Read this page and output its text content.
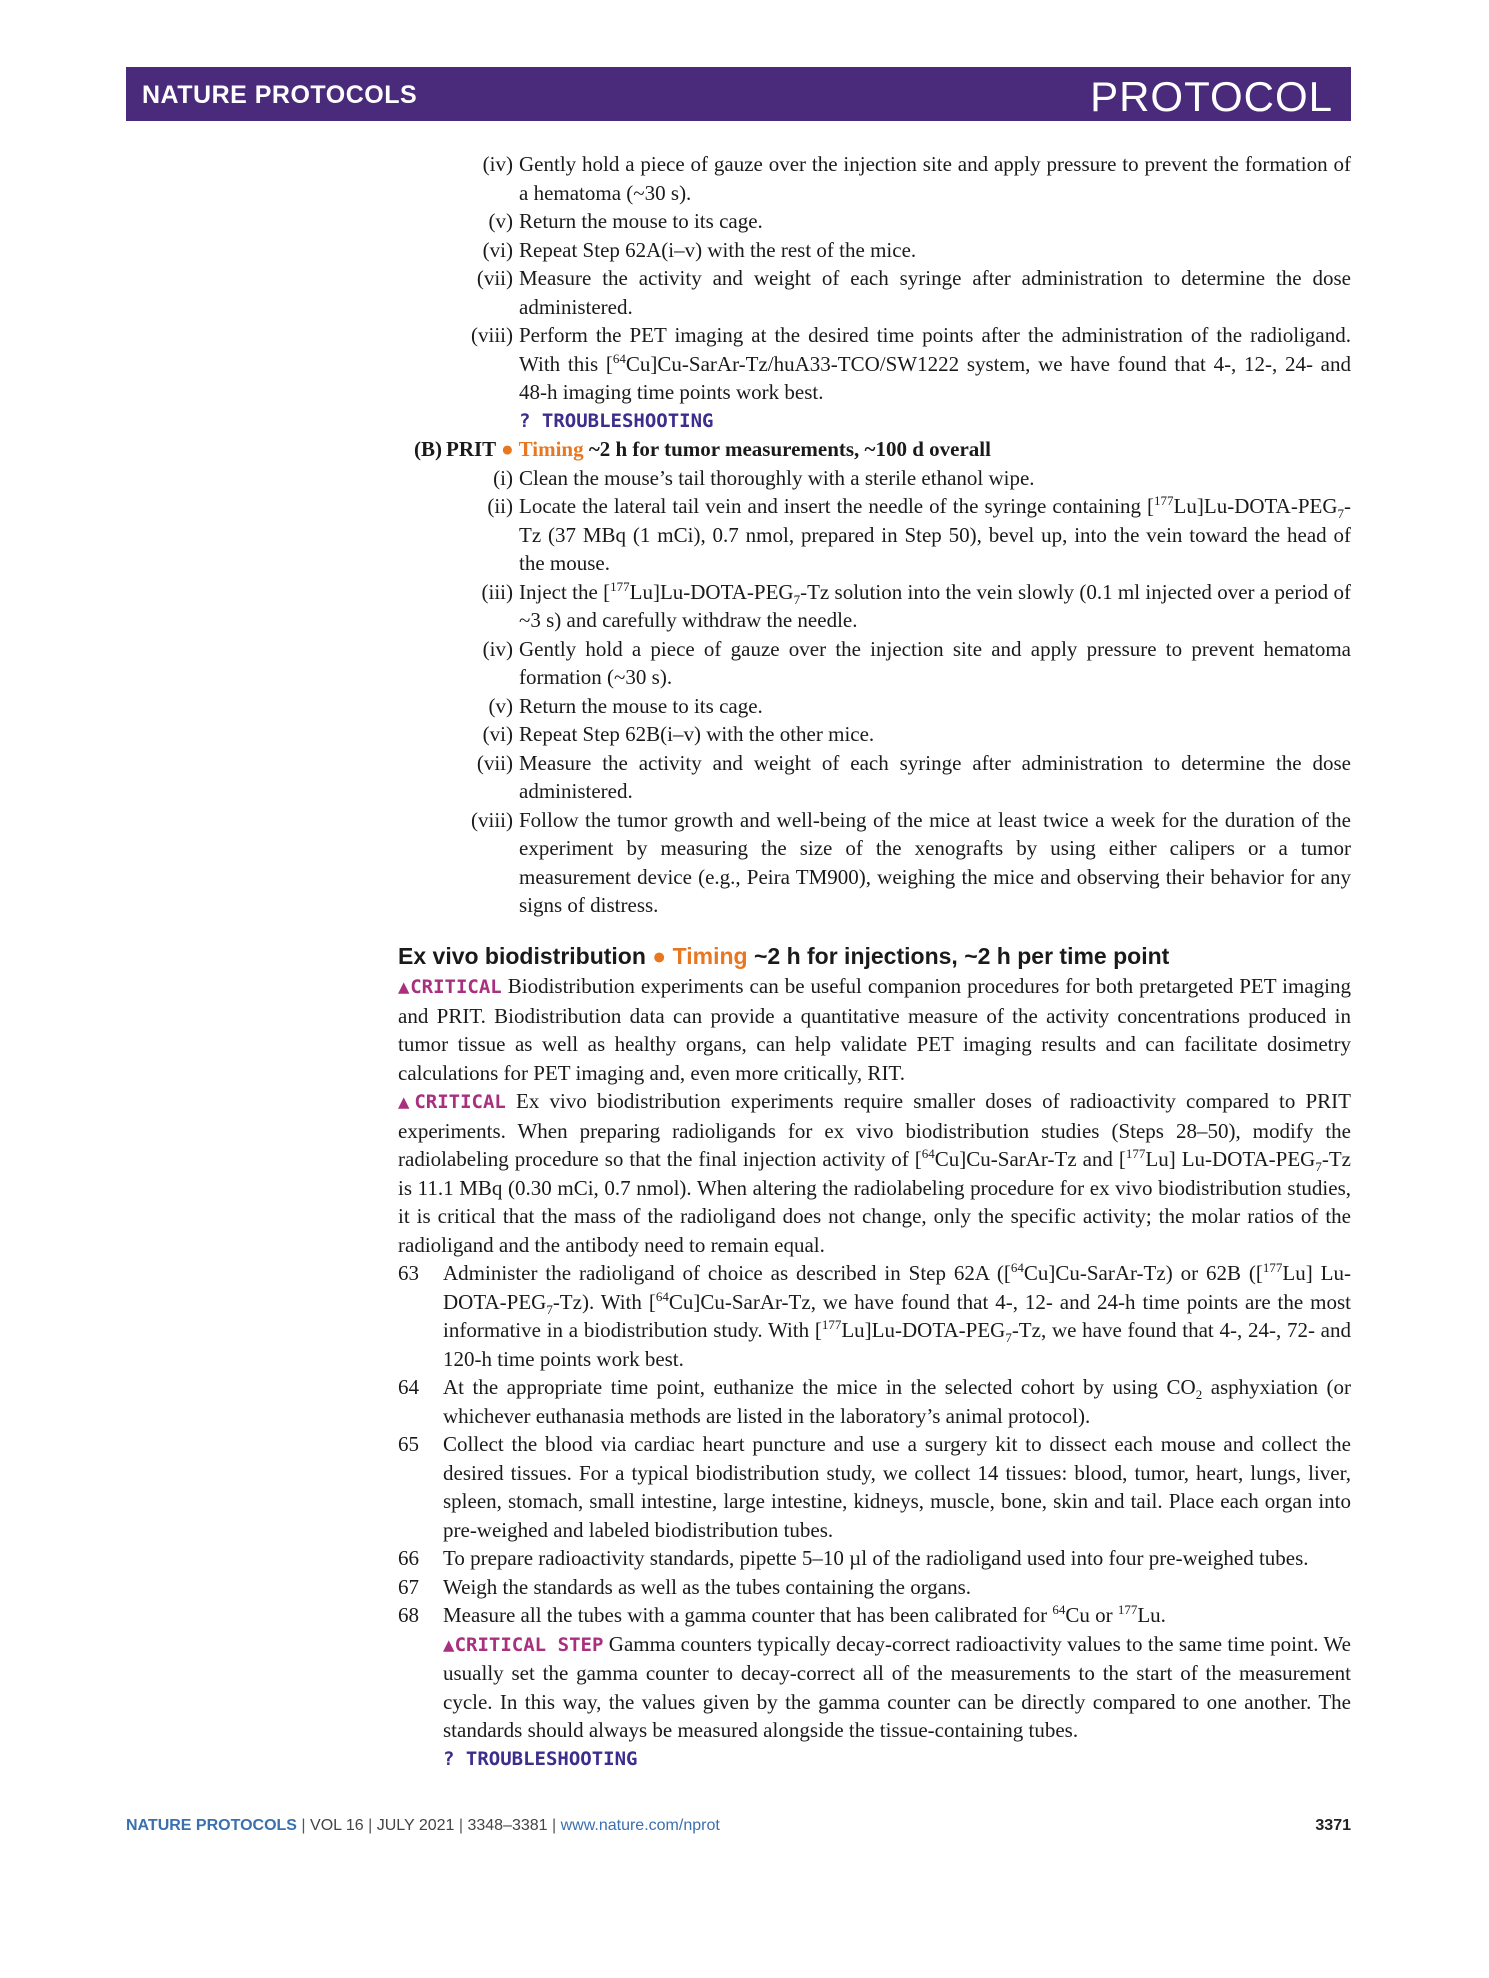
NATURE PROTOCOLS	PROTOCOL
(iv) Gently hold a piece of gauze over the injection site and apply pressure to prevent the formation of a hematoma (~30 s).
(v) Return the mouse to its cage.
(vi) Repeat Step 62A(i–v) with the rest of the mice.
(vii) Measure the activity and weight of each syringe after administration to determine the dose administered.
(viii) Perform the PET imaging at the desired time points after the administration of the radioligand. With this [$^{64}$Cu]Cu-SarAr-Tz/huA33-TCO/SW1222 system, we have found that 4-, 12-, 24- and 48-h imaging time points work best.
? TROUBLESHOOTING
(B) PRIT ● Timing ~2 h for tumor measurements, ~100 d overall
(i) Clean the mouse’s tail thoroughly with a sterile ethanol wipe.
(ii) Locate the lateral tail vein and insert the needle of the syringe containing $[^{177}Lu]Lu-DOTA-PEG_7-Tz$ (37 MBq (1 mCi), 0.7 nmol, prepared in Step 50), bevel up, into the vein toward the head of the mouse.
(iii) Inject the $[^{177}Lu]Lu-DOTA-PEG_7-Tz$ solution into the vein slowly (0.1 ml injected over a period of ~3 s) and carefully withdraw the needle.
(iv) Gently hold a piece of gauze over the injection site and apply pressure to prevent hematoma formation (~30 s).
(v) Return the mouse to its cage.
(vi) Repeat Step 62B(i–v) with the other mice.
(vii) Measure the activity and weight of each syringe after administration to determine the dose administered.
(viii) Follow the tumor growth and well-being of the mice at least twice a week for the duration of the experiment by measuring the size of the xenografts by using either calipers or a tumor measurement device (e.g., Peira TM900), weighing the mice and observing their behavior for any signs of distress.
Ex vivo biodistribution ● Timing ~2 h for injections, ~2 h per time point
▲CRITICAL Biodistribution experiments can be useful companion procedures for both pretargeted PET imaging and PRIT. Biodistribution data can provide a quantitative measure of the activity concentrations produced in tumor tissue as well as healthy organs, can help validate PET imaging results and can facilitate dosimetry calculations for PET imaging and, even more critically, RIT.
▲CRITICAL Ex vivo biodistribution experiments require smaller doses of radioactivity compared to PRIT experiments. When preparing radioligands for ex vivo biodistribution studies (Steps 28–50), modify the radiolabeling procedure so that the final injection activity of [$^{64}$Cu]Cu-SarAr-Tz and [$^{177}$Lu] $Lu-DOTA-PEG_7-Tz$ is 11.1 MBq (0.30 mCi, 0.7 nmol). When altering the radiolabeling procedure for ex vivo biodistribution studies, it is critical that the mass of the radioligand does not change, only the specific activity; the molar ratios of the radioligand and the antibody need to remain equal.
63 Administer the radioligand of choice as described in Step 62A ([$^{64}$Cu]Cu-SarAr-Tz) or 62B ([$^{177}$Lu] $Lu-DOTA-PEG_7-Tz$). With [$^{64}$Cu]Cu-SarAr-Tz, we have found that 4-, 12- and 24-h time points are the most informative in a biodistribution study. With $[^{177}Lu]Lu-DOTA-PEG_7-Tz$, we have found that 4-, 24-, 72- and 120-h time points work best.
64 At the appropriate time point, euthanize the mice in the selected cohort by using $CO_2$ asphyxiation (or whichever euthanasia methods are listed in the laboratory’s animal protocol).
65 Collect the blood via cardiac heart puncture and use a surgery kit to dissect each mouse and collect the desired tissues. For a typical biodistribution study, we collect 14 tissues: blood, tumor, heart, lungs, liver, spleen, stomach, small intestine, large intestine, kidneys, muscle, bone, skin and tail. Place each organ into pre-weighed and labeled biodistribution tubes.
66 To prepare radioactivity standards, pipette 5–10 µl of the radioligand used into four pre-weighed tubes.
67 Weigh the standards as well as the tubes containing the organs.
68 Measure all the tubes with a gamma counter that has been calibrated for $^{64}$Cu or $^{177}$Lu.
▲CRITICAL STEP Gamma counters typically decay-correct radioactivity values to the same time point. We usually set the gamma counter to decay-correct all of the measurements to the start of the measurement cycle. In this way, the values given by the gamma counter can be directly compared to one another. The standards should always be measured alongside the tissue-containing tubes.
? TROUBLESHOOTING
NATURE PROTOCOLS | VOL 16 | JULY 2021 | 3348–3381 | www.nature.com/nprot	3371
